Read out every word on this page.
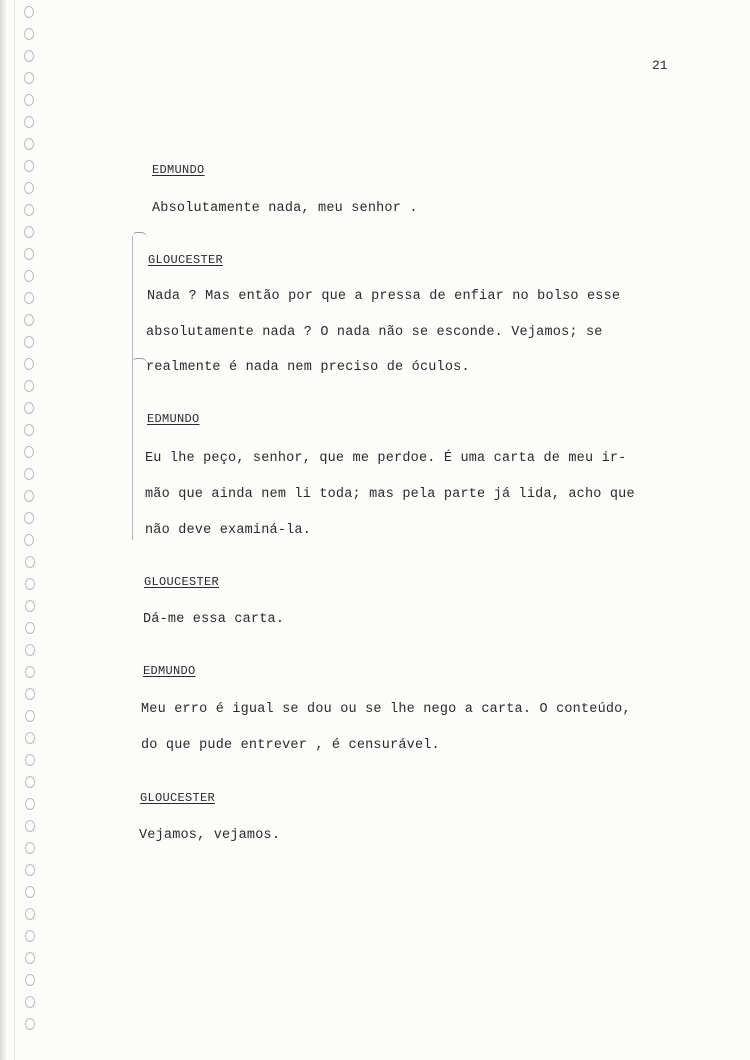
21
EDMUNDO
Absolutamente nada, meu senhor .
GLOUCESTER
Nada ? Mas então por que a pressa de enfiar no bolso esse
absolutamente nada ? O nada não se esconde. Vejamos; se
realmente é nada nem preciso de óculos.
EDMUNDO
Eu lhe peço, senhor, que me perdoe. É uma carta de meu ir-
mão que ainda nem li toda; mas pela parte já lida, acho que
não deve examiná-la.
GLOUCESTER
Dá-me essa carta.
EDMUNDO
Meu erro é igual se dou ou se lhe nego a carta. O conteúdo,
do que pude entrever , é censurável.
GLOUCESTER
Vejamos, vejamos.
